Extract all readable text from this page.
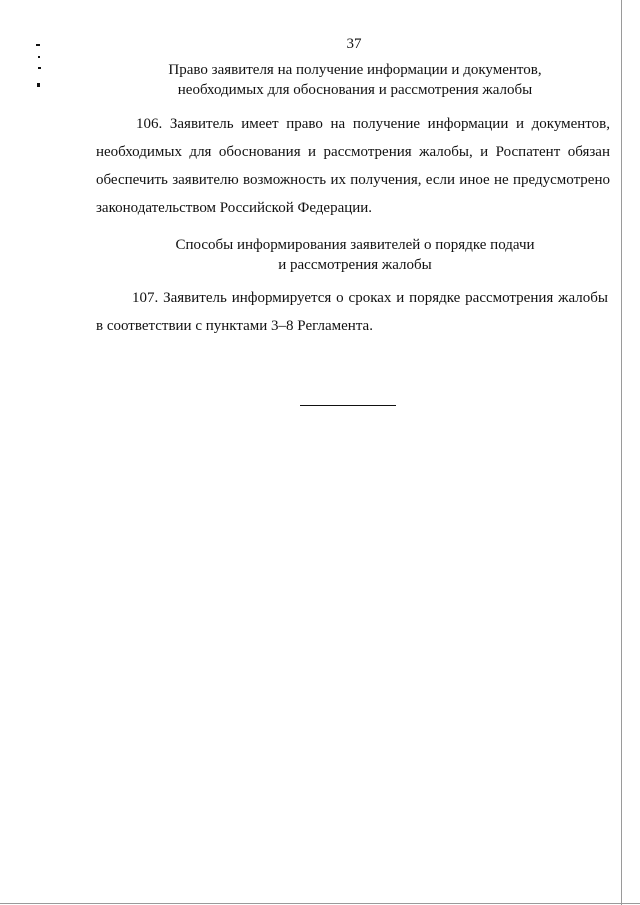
37
Право заявителя на получение информации и документов,
необходимых для обоснования и рассмотрения жалобы
106. Заявитель имеет право на получение информации и документов,
необходимых для обоснования и рассмотрения жалобы, и Роспатент обязан
обеспечить заявителю возможность их получения, если иное не предусмотрено
законодательством Российской Федерации.
Способы информирования заявителей о порядке подачи
и рассмотрения жалобы
107. Заявитель информируется о сроках и порядке рассмотрения жалобы
в соответствии с пунктами 3–8 Регламента.
